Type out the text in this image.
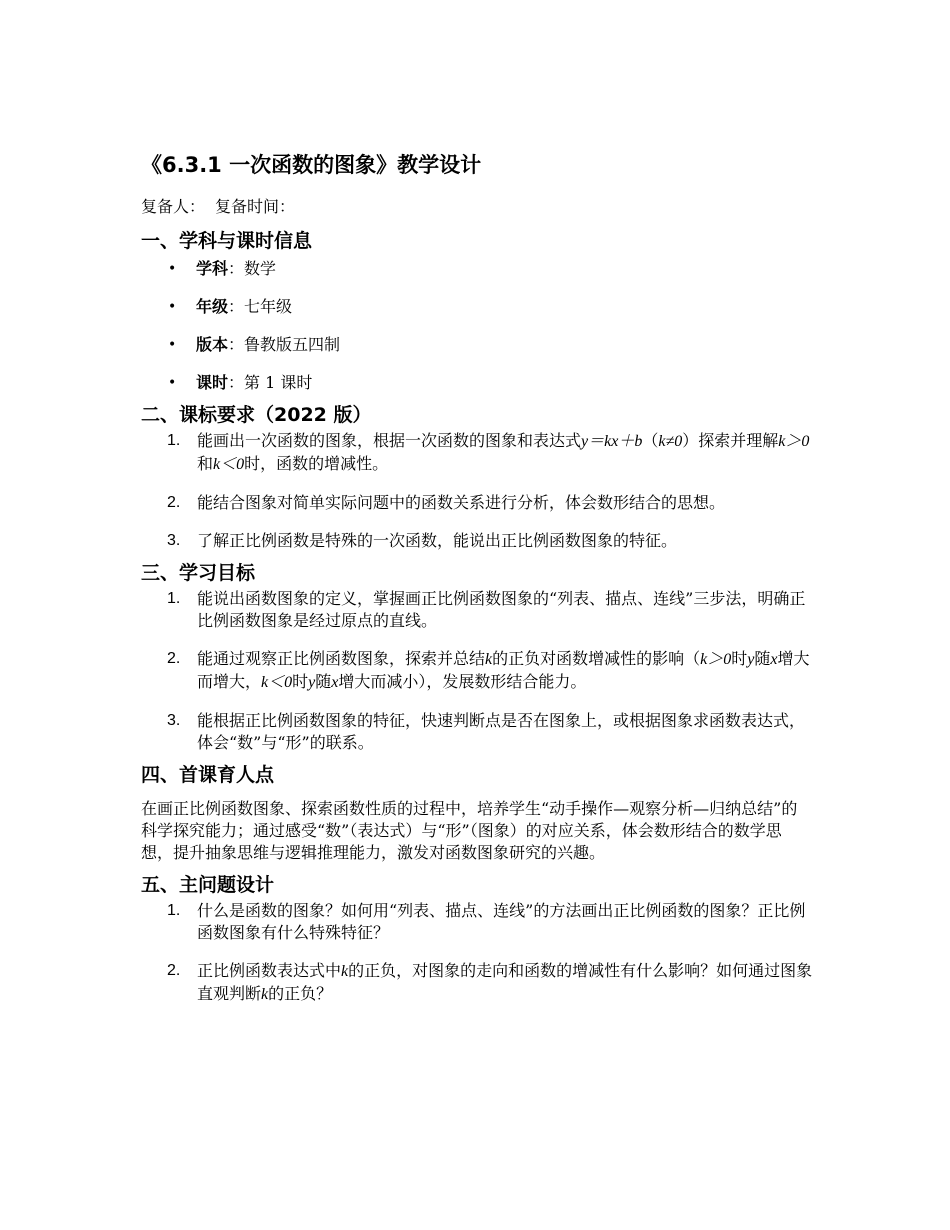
《6.3.1 一次函数的图象》教学设计
复备人： 复备时间：
一、学科与课时信息
• 学科：数学
• 年级：七年级
• 版本：鲁教版五四制
• 课时：第 1 课时
二、课标要求（2022 版）
1. 能画出一次函数的图象，根据一次函数的图象和表达式y＝kx＋b（k≠0）探索并理解k＞0和k＜0时，函数的增减性。
2. 能结合图象对简单实际问题中的函数关系进行分析，体会数形结合的思想。
3. 了解正比例函数是特殊的一次函数，能说出正比例函数图象的特征。
三、学习目标
1. 能说出函数图象的定义，掌握画正比例函数图象的“列表、描点、连线”三步法，明确正比例函数图象是经过原点的直线。
2. 能通过观察正比例函数图象，探索并总结k的正负对函数增减性的影响（k＞0时y随x增大而增大，k＜0时y随x增大而减小），发展数形结合能力。
3. 能根据正比例函数图象的特征，快速判断点是否在图象上，或根据图象求函数表达式，体会“数”与“形”的联系。
四、首课育人点
在画正比例函数图象、探索函数性质的过程中，培养学生“动手操作—观察分析—归纳总结”的科学探究能力；通过感受“数”（表达式）与“形”（图象）的对应关系，体会数形结合的数学思想，提升抽象思维与逻辑推理能力，激发对函数图象研究的兴趣。
五、主问题设计
1. 什么是函数的图象？如何用“列表、描点、连线”的方法画出正比例函数的图象？正比例函数图象有什么特殊特征？
2. 正比例函数表达式中k的正负，对图象的走向和函数的增减性有什么影响？如何通过图象直观判断k的正负？
